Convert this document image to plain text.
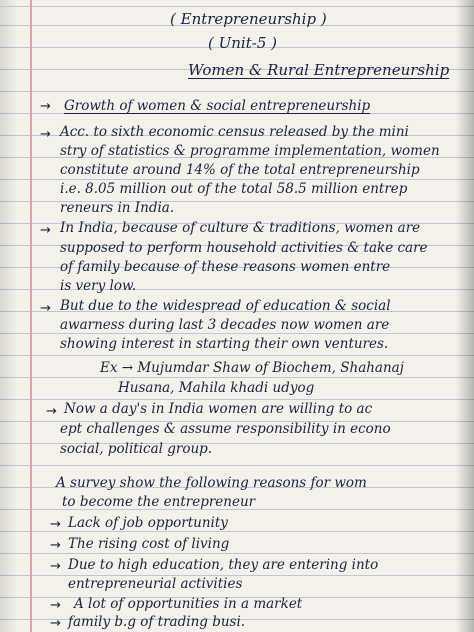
( Entrepreneurship )
( Unit-5 )
Women & Rural Entrepreneurship
→ Growth of women & social entrepreneurship
→ Acc. to sixth economic census released by the mini
stry of statistics & programme implementation, women
constitute around 14% of the total entrepreneurship
i.e. 8.05 million out of the total 58.5 million entrep
reneurs in India.
→ In India, because of culture & traditions, women are
supposed to perform household activities & take care
of family because of these reasons women entre
is very low.
→ But due to the widespread of education & social
awarness during last 3 decades now women are
showing interest in starting their own ventures.
Ex → Mujumdar Shaw of Biochem, Shahanaj
Husana, Mahila khadi udyog
→ Now a day's in India women are willing to ac
ept challenges & assume responsibility in econo
social, political group.
A survey show the following reasons for wom
to become the entrepreneur
→ Lack of job opportunity
→ The rising cost of living
→ Due to high education, they are entering into
entrepreneurial activities
→ A lot of opportunities in a market
→ family b.g of trading busi.
